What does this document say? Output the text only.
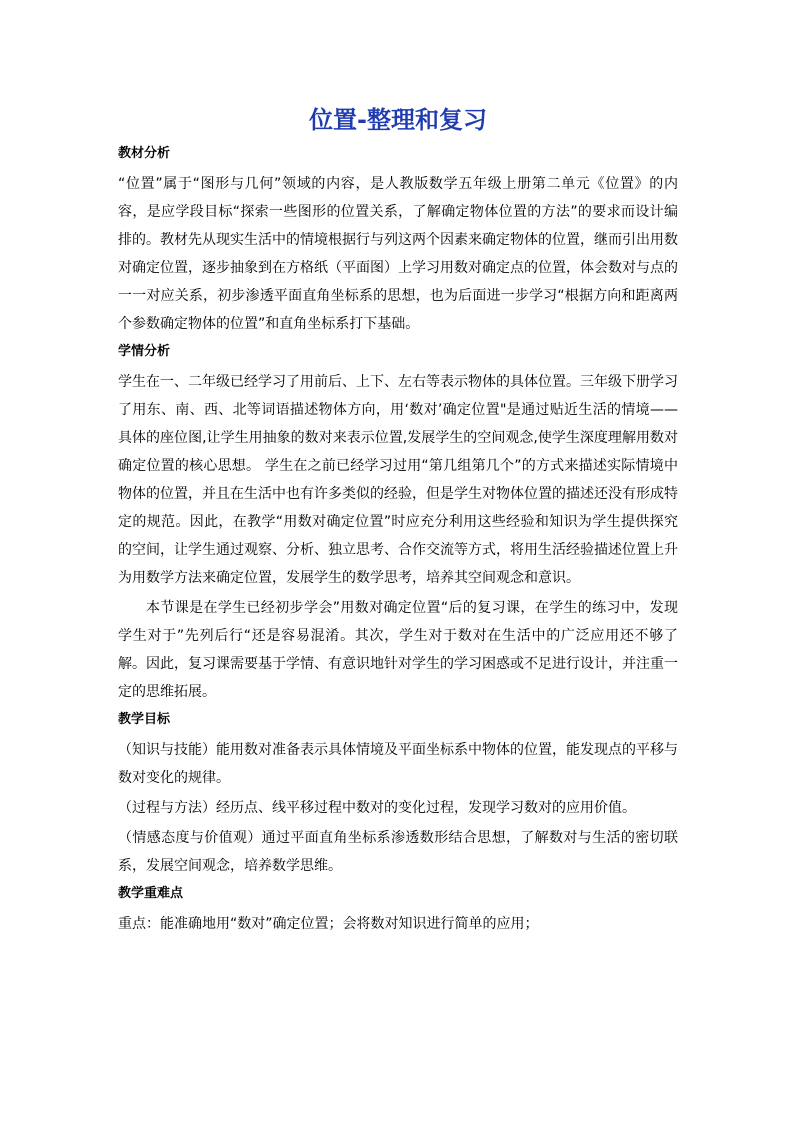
位置-整理和复习
教材分析

“位置”属于“图形与几何”领域的内容，是人教版数学五年级上册第二单元《位置》的内容，是应学段目标“探索一些图形的位置关系，了解确定物体位置的方法”的要求而设计编排的。教材先从现实生活中的情境根据行与列这两个因素来确定物体的位置，继而引出用数对确定位置，逐步抽象到在方格纸（平面图）上学习用数对确定点的位置，体会数对与点的一一对应关系，初步渗透平面直角坐标系的思想，也为后面进一步学习“根据方向和距离两个参数确定物体的位置”和直角坐标系打下基础。

学情分析

学生在一、二年级已经学习了用前后、上下、左右等表示物体的具体位置。三年级下册学习了用东、南、西、北等词语描述物体方向，用‘数对’确定位置"是通过贴近生活的情境——具体的座位图,让学生用抽象的数对来表示位置,发展学生的空间观念,使学生深度理解用数对确定位置的核心思想。 学生在之前已经学习过用“第几组第几个”的方式来描述实际情境中物体的位置，并且在生活中也有许多类似的经验，但是学生对物体位置的描述还没有形成特定的规范。因此，在教学“用数对确定位置”时应充分利用这些经验和知识为学生提供探究的空间，让学生通过观察、分析、独立思考、合作交流等方式，将用生活经验描述位置上升为用数学方法来确定位置，发展学生的数学思考，培养其空间观念和意识。

本节课是在学生已经初步学会”用数对确定位置“后的复习课，在学生的练习中，发现学生对于”先列后行“还是容易混淆。其次，学生对于数对在生活中的广泛应用还不够了解。因此，复习课需要基于学情、有意识地针对学生的学习困惑或不足进行设计，并注重一定的思维拓展。

教学目标

（知识与技能）能用数对准备表示具体情境及平面坐标系中物体的位置，能发现点的平移与数对变化的规律。

（过程与方法）经历点、线平移过程中数对的变化过程，发现学习数对的应用价值。

（情感态度与价值观）通过平面直角坐标系渗透数形结合思想，了解数对与生活的密切联系，发展空间观念，培养数学思维。

教学重难点

重点：能准确地用“数对”确定位置；会将数对知识进行简单的应用；
